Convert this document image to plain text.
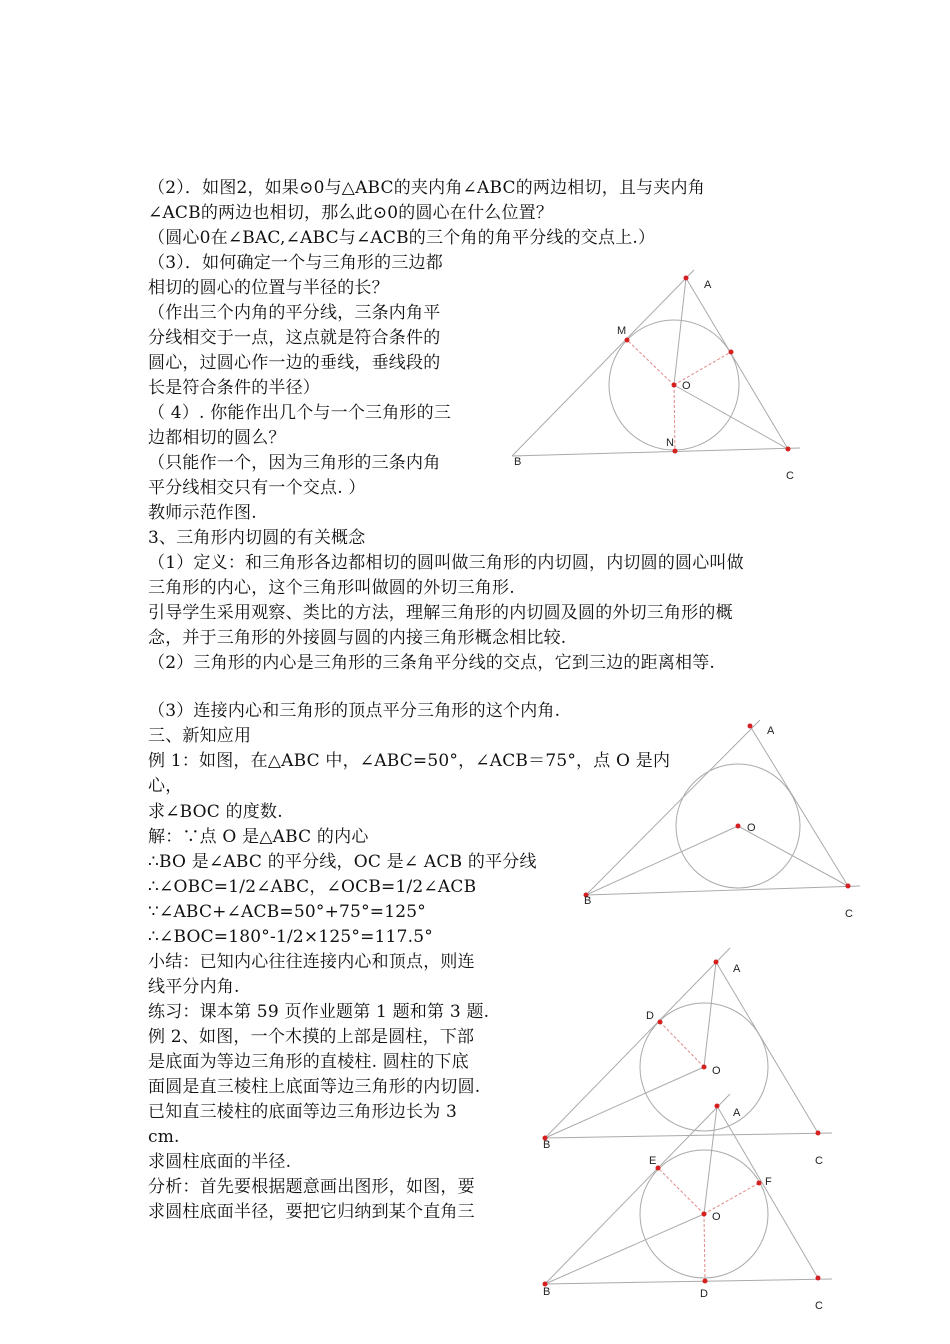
（2）．如图2，如果⊙0与△ABC的夹内角∠ABC的两边相切，且与夹内角
∠ACB的两边也相切，那么此⊙0的圆心在什么位置？
（圆心0在∠BAC,∠ABC与∠ACB的三个角的角平分线的交点上.）
（3）．如何确定一个与三角形的三边都
相切的圆心的位置与半径的长？
（作出三个内角的平分线，三条内角平
分线相交于一点，这点就是符合条件的
圆心，过圆心作一边的垂线，垂线段的
长是符合条件的半径）
（ 4）. 你能作出几个与一个三角形的三
边都相切的圆么？
（只能作一个，因为三角形的三条内角
平分线相交只有一个交点. ）
教师示范作图.
3、三角形内切圆的有关概念
（1）定义：和三角形各边都相切的圆叫做三角形的内切圆，内切圆的圆心叫做
三角形的内心，这个三角形叫做圆的外切三角形.
引导学生采用观察、类比的方法，理解三角形的内切圆及圆的外切三角形的概
念，并于三角形的外接圆与圆的内接三角形概念相比较.
（2）三角形的内心是三角形的三条角平分线的交点，它到三边的距离相等.
（3）连接内心和三角形的顶点平分三角形的这个内角.
三、新知应用
例 1：如图，在△ABC 中，∠ABC=50°，∠ACB＝75°，点 O 是内
心，
求∠BOC 的度数.
解：∵点 O 是△ABC 的内心
∴BO 是∠ABC 的平分线，OC 是∠ ACB 的平分线
∴∠OBC=1/2∠ABC，∠OCB=1/2∠ACB
∵∠ABC+∠ACB=50°+75°=125°
∴∠BOC=180°-1/2×125°=117.5°
小结：已知内心往往连接内心和顶点，则连
线平分内角.
练习：课本第 59 页作业题第 1 题和第 3 题.
例 2、如图，一个木摸的上部是圆柱，下部
是底面为等边三角形的直棱柱. 圆柱的下底
面圆是直三棱柱上底面等边三角形的内切圆.
已知直三棱柱的底面等边三角形边长为 3
cm.
求圆柱底面的半径.
分析：首先要根据题意画出图形，如图，要
求圆柱底面半径，要把它归纳到某个直角三
A
M
O
N
B
C
A
O
B
C
A
D
O
B
C
A
E
F
O
B	D
C
